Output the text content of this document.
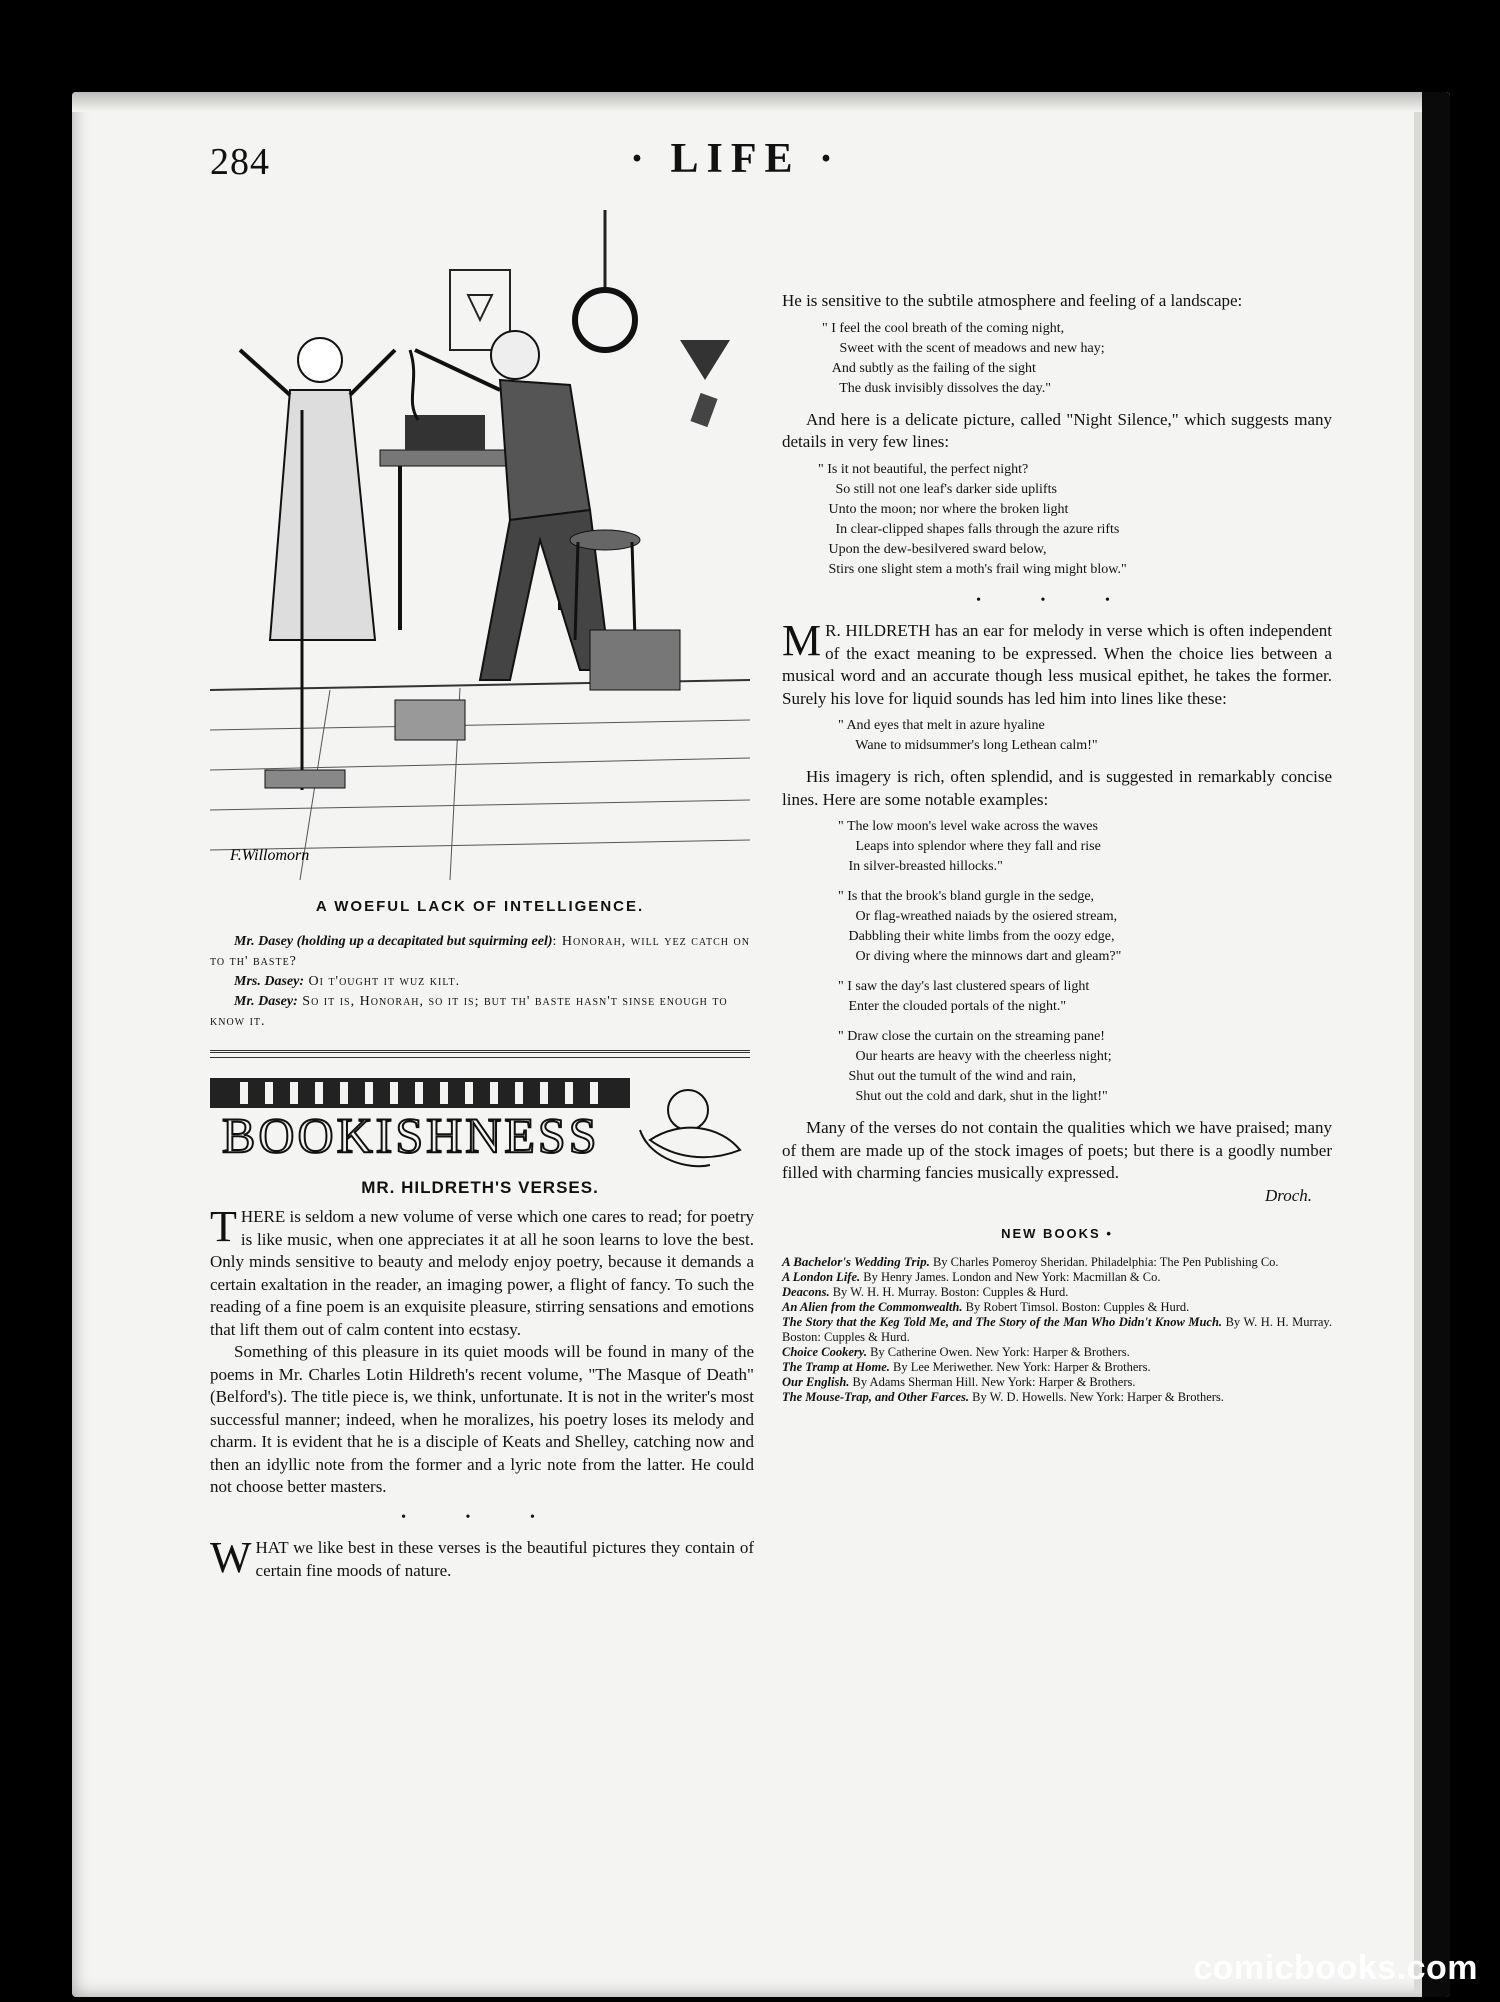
284	· LIFE ·
F.Willomorn
A WOEFUL LACK OF INTELLIGENCE.

Mr. Dasey (holding up a decapitated but squirming eel): Honorah, will yez catch on to th' baste?

Mrs. Dasey: Oi t'ought it wuz kilt.

Mr. Dasey: So it is, Honorah, so it is; but th' baste hasn't sinse enough to know it.

BOOKISHNESS
MR. HILDRETH'S VERSES.

THERE is seldom a new volume of verse which one cares to read; for poetry is like music, when one appreciates it at all he soon learns to love the best. Only minds sensitive to beauty and melody enjoy poetry, because it demands a certain exaltation in the reader, an imaging power, a flight of fancy. To such the reading of a fine poem is an exquisite pleasure, stirring sensations and emotions that lift them out of calm content into ecstasy.

Something of this pleasure in its quiet moods will be found in many of the poems in Mr. Charles Lotin Hildreth's recent volume, "The Masque of Death" (Belford's). The title piece is, we think, unfortunate. It is not in the writer's most successful manner; indeed, when he moralizes, his poetry loses its melody and charm. It is evident that he is a disciple of Keats and Shelley, catching now and then an idyllic note from the former and a lyric note from the latter. He could not choose better masters.

• • •

WHAT we like best in these verses is the beautiful pictures they contain of certain fine moods of nature.

He is sensitive to the subtile atmosphere and feeling of a landscape:

" I feel the cool breath of the coming night,
Sweet with the scent of meadows and new hay;
And subtly as the failing of the sight
The dusk invisibly dissolves the day."

And here is a delicate picture, called "Night Silence," which suggests many details in very few lines:

" Is it not beautiful, the perfect night?
So still not one leaf's darker side uplifts
Unto the moon; nor where the broken light
In clear-clipped shapes falls through the azure rifts
Upon the dew-besilvered sward below,
Stirs one slight stem a moth's frail wing might blow."
• • •

M R. HILDRETH has an ear for melody in verse which is often independent of the exact meaning to be expressed. When the choice lies between a musical word and an accurate though less musical epithet, he takes the former. Surely his love for liquid sounds has led him into lines like these:

" And eyes that melt in azure hyaline
Wane to midsummer's long Lethean calm!"

His imagery is rich, often splendid, and is suggested in remarkably concise lines. Here are some notable examples:

" The low moon's level wake across the waves
Leaps into splendor where they fall and rise
In silver-breasted hillocks."
" Is that the brook's bland gurgle in the sedge,
Or flag-wreathed naiads by the osiered stream,
Dabbling their white limbs from the oozy edge,
Or diving where the minnows dart and gleam?"
" I saw the day's last clustered spears of light
Enter the clouded portals of the night."
" Draw close the curtain on the streaming pane!
Our hearts are heavy with the cheerless night;
Shut out the tumult of the wind and rain,
Shut out the cold and dark, shut in the light!"

Many of the verses do not contain the qualities which we have praised; many of them are made up of the stock images of poets; but there is a goodly number filled with charming fancies musically expressed.

Droch.
NEW BOOKS •

A Bachelor's Wedding Trip. By Charles Pomeroy Sheridan. Philadelphia: The Pen Publishing Co.

A London Life. By Henry James. London and New York: Macmillan & Co.

Deacons. By W. H. H. Murray. Boston: Cupples & Hurd.

An Alien from the Commonwealth. By Robert Timsol. Boston: Cupples & Hurd.

The Story that the Keg Told Me, and The Story of the Man Who Didn't Know Much. By W. H. H. Murray. Boston: Cupples & Hurd.

Choice Cookery. By Catherine Owen. New York: Harper & Brothers.

The Tramp at Home. By Lee Meriwether. New York: Harper & Brothers.

Our English. By Adams Sherman Hill. New York: Harper & Brothers.

The Mouse-Trap, and Other Farces. By W. D. Howells. New York: Harper & Brothers.

comicbooks.com
